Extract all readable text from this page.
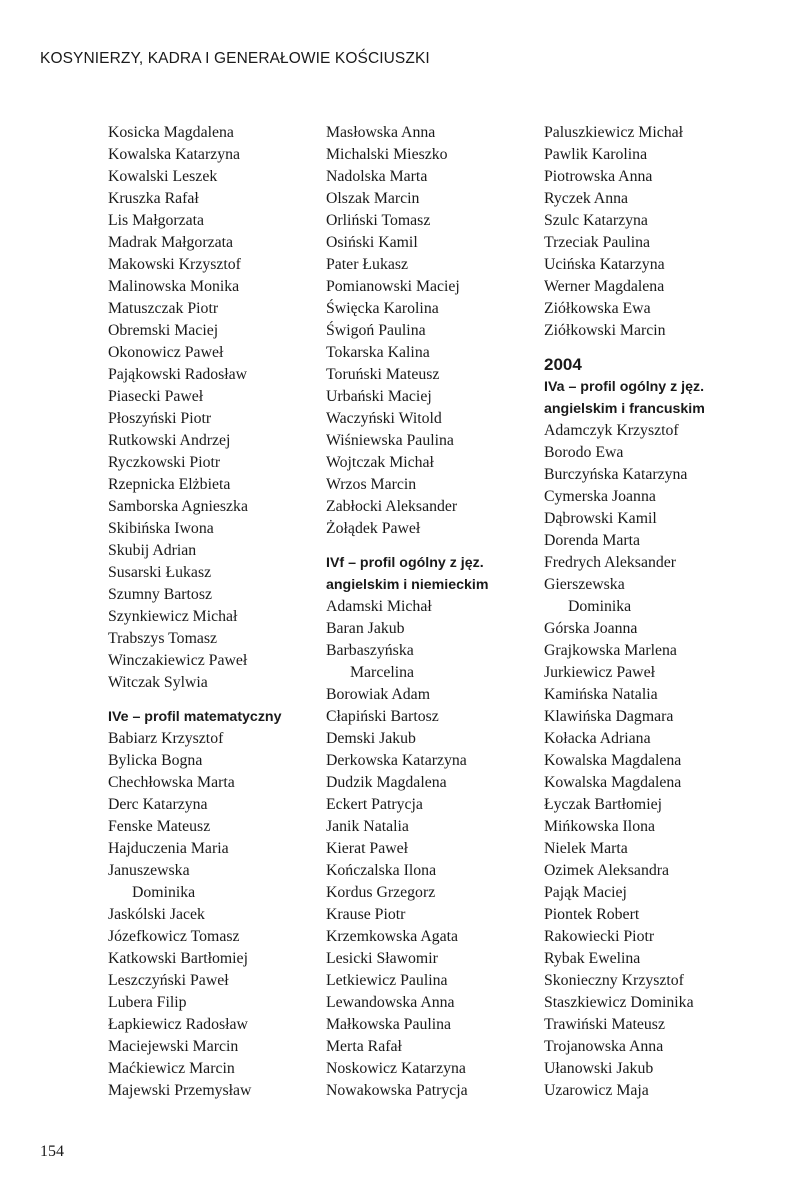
KOSYNIERZY, KADRA I GENERAŁOWIE KOŚCIUSZKI
Kosicka Magdalena
Kowalska Katarzyna
Kowalski Leszek
Kruszka Rafał
Lis Małgorzata
Madrak Małgorzata
Makowski Krzysztof
Malinowska Monika
Matuszczak Piotr
Obremski Maciej
Okonowicz Paweł
Pająkowski Radosław
Piasecki Paweł
Płoszyński Piotr
Rutkowski Andrzej
Ryczkowski Piotr
Rzepnicka Elżbieta
Samborska Agnieszka
Skibińska Iwona
Skubij Adrian
Susarski Łukasz
Szumny Bartosz
Szynkiewicz Michał
Trabszys Tomasz
Winczakiewicz Paweł
Witczak Sylwia
IVe – profil matematyczny
Babiarz Krzysztof
Bylicka Bogna
Chechłowska Marta
Derc Katarzyna
Fenske Mateusz
Hajduczenia Maria
Januszewska
Dominika
Jaskólski Jacek
Józefkowicz Tomasz
Katkowski Bartłomiej
Leszczyński Paweł
Lubera Filip
Łapkiewicz Radosław
Maciejewski Marcin
Maćkiewicz Marcin
Majewski Przemysław
Masłowska Anna
Michalski Mieszko
Nadolska Marta
Olszak Marcin
Orliński Tomasz
Osiński Kamil
Pater Łukasz
Pomianowski Maciej
Święcka Karolina
Świgoń Paulina
Tokarska Kalina
Toruński Mateusz
Urbański Maciej
Waczyński Witold
Wiśniewska Paulina
Wojtczak Michał
Wrzos Marcin
Zabłocki Aleksander
Żołądek Paweł
IVf – profil ogólny z jęz.
angielskim i niemieckim
Adamski Michał
Baran Jakub
Barbaszyńska
Marcelina
Borowiak Adam
Cłapiński Bartosz
Demski Jakub
Derkowska Katarzyna
Dudzik Magdalena
Eckert Patrycja
Janik Natalia
Kierat Paweł
Kończalska Ilona
Kordus Grzegorz
Krause Piotr
Krzemkowska Agata
Lesicki Sławomir
Letkiewicz Paulina
Lewandowska Anna
Małkowska Paulina
Merta Rafał
Noskowicz Katarzyna
Nowakowska Patrycja
Paluszkiewicz Michał
Pawlik Karolina
Piotrowska Anna
Ryczek Anna
Szulc Katarzyna
Trzeciak Paulina
Ucińska Katarzyna
Werner Magdalena
Ziółkowska Ewa
Ziółkowski Marcin
2004
IVa – profil ogólny z jęz.
angielskim i francuskim
Adamczyk Krzysztof
Borodo Ewa
Burczyńska Katarzyna
Cymerska Joanna
Dąbrowski Kamil
Dorenda Marta
Fredrych Aleksander
Gierszewska
Dominika
Górska Joanna
Grajkowska Marlena
Jurkiewicz Paweł
Kamińska Natalia
Klawińska Dagmara
Kołacka Adriana
Kowalska Magdalena
Kowalska Magdalena
Łyczak Bartłomiej
Mińkowska Ilona
Nielek Marta
Ozimek Aleksandra
Pająk Maciej
Piontek Robert
Rakowiecki Piotr
Rybak Ewelina
Skonieczny Krzysztof
Staszkiewicz Dominika
Trawiński Mateusz
Trojanowska Anna
Ułanowski Jakub
Uzarowicz Maja
154
